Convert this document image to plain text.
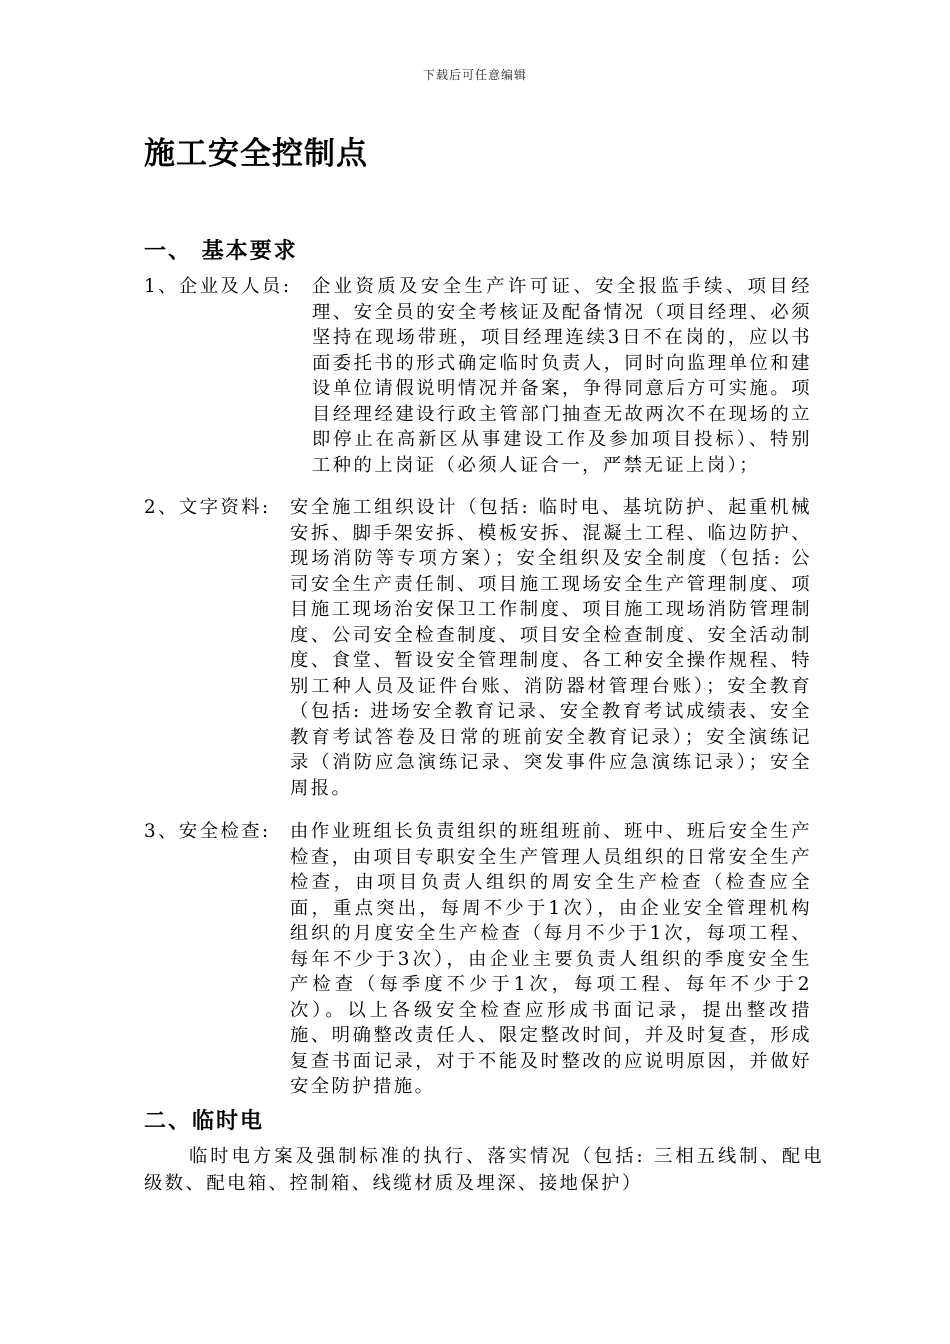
下载后可任意编辑
施工安全控制点
一、 基本要求
1、企业及人员: 企业资质及安全生产许可证、安全报监手续、项目经理、安全员的安全考核证及配备情况（项目经理、必须坚持在现场带班，项目经理连续3日不在岗的，应以书面委托书的形式确定临时负责人，同时向监理单位和建设单位请假说明情况并备案，争得同意后方可实施。项目经理经建设行政主管部门抽查无故两次不在现场的立即停止在高新区从事建设工作及参加项目投标）、特别工种的上岗证（必须人证合一，严禁无证上岗）；
2、文字资料: 安全施工组织设计（包括: 临时电、基坑防护、起重机械安拆、脚手架安拆、模板安拆、混凝土工程、临边防护、现场消防等专项方案）；安全组织及安全制度（包括: 公司安全生产责任制、项目施工现场安全生产管理制度、项目施工现场治安保卫工作制度、项目施工现场消防管理制度、公司安全检查制度、项目安全检查制度、安全活动制度、食堂、暂设安全管理制度、各工种安全操作规程、特别工种人员及证件台账、消防器材管理台账）；安全教育（包括: 进场安全教育记录、安全教育考试成绩表、安全教育考试答卷及日常的班前安全教育记录）；安全演练记录（消防应急演练记录、突发事件应急演练记录）；安全周报。
3、安全检查: 由作业班组长负责组织的班组班前、班中、班后安全生产检查，由项目专职安全生产管理人员组织的日常安全生产检查，由项目负责人组织的周安全生产检查（检查应全面，重点突出，每周不少于1次），由企业安全管理机构组织的月度安全生产检查（每月不少于1次，每项工程、每年不少于3次），由企业主要负责人组织的季度安全生产检查（每季度不少于1次，每项工程、每年不少于2次）。以上各级安全检查应形成书面记录，提出整改措施、明确整改责任人、限定整改时间，并及时复查，形成复查书面记录，对于不能及时整改的应说明原因，并做好安全防护措施。
二、临时电

临时电方案及强制标准的执行、落实情况（包括: 三相五线制、配电级数、配电箱、控制箱、线缆材质及埋深、接地保护）
